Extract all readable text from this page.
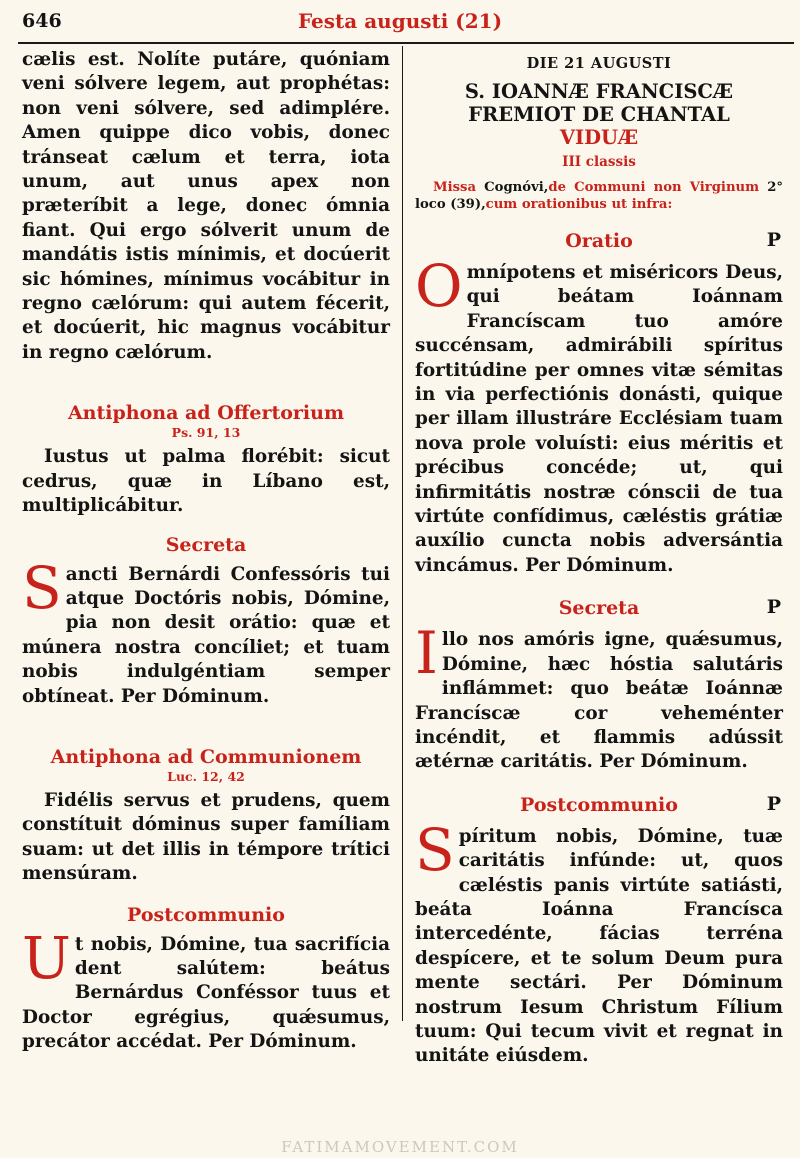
646	Festa augusti (21)

cælis est. Nolíte putáre, quóniam veni sólvere legem, aut prophétas: non veni sólvere, sed adimplére. Amen quippe dico vobis, donec tránseat cælum et terra, iota unum, aut unus apex non præteríbit a lege, donec ómnia fiant. Qui ergo sólverit unum de mandátis istis mínimis, et docúerit sic hómines, mínimus vocábitur in regno cælórum: qui autem fécerit, et docúerit, hic magnus vocábitur in regno cælórum.

Antiphona ad Offertorium
Ps. 91, 13

Iustus ut palma florébit: sicut cedrus, quæ in Líbano est, multiplicábitur.

Secreta

Sancti Bernárdi Confessóris tui atque Doctóris nobis, Dómine, pia non desit orátio: quæ et múnera nostra concíliet; et tuam nobis indulgéntiam semper obtíneat. Per Dóminum.

Antiphona ad Communionem
Luc. 12, 42

Fidélis servus et prudens, quem constítuit dóminus super famíliam suam: ut det illis in témpore trítici mensúram.

Postcommunio

Ut nobis, Dómine, tua sacrifícia dent salútem: beátus Bernárdus Conféssor tuus et Doctor egrégius, quǽsumus, precátor accédat. Per Dóminum.

DIE 21 AUGUSTI
S. IOANNÆ FRANCISCÆ
FREMIOT DE CHANTAL
VIDUÆ
III classis

Missa Cognóvi,de Communi non Virginum 2° loco (39),cum orationibus ut infra:

Oratio	P

Omnípotens et miséricors Deus, qui beátam Ioánnam Francíscam tuo amóre succénsam, admirábili spíritus fortitúdine per omnes vitæ sémitas in via perfectiónis donásti, quique per illam illustráre Ecclésiam tuam nova prole voluísti: eius méritis et précibus concéde; ut, qui infirmitátis nostræ cónscii de tua virtúte confídimus, cæléstis grátiæ auxílio cuncta nobis adversántia vincámus. Per Dóminum.

Secreta	P

Illo nos amóris igne, quǽsumus, Dómine, hæc hóstia salutáris inflámmet: quo beátæ Ioánnæ Francíscæ cor veheménter incéndit, et flammis adússit ætérnæ caritátis. Per Dóminum.

Postcommunio	P

Spíritum nobis, Dómine, tuæ caritátis infúnde: ut, quos cæléstis panis virtúte satiásti, beáta Ioánna Francísca intercedénte, fácias terréna despícere, et te solum Deum pura mente sectári. Per Dóminum nostrum Iesum Christum Fílium tuum: Qui tecum vivit et regnat in unitáte eiúsdem.

FATIMAMOVEMENT.COM
